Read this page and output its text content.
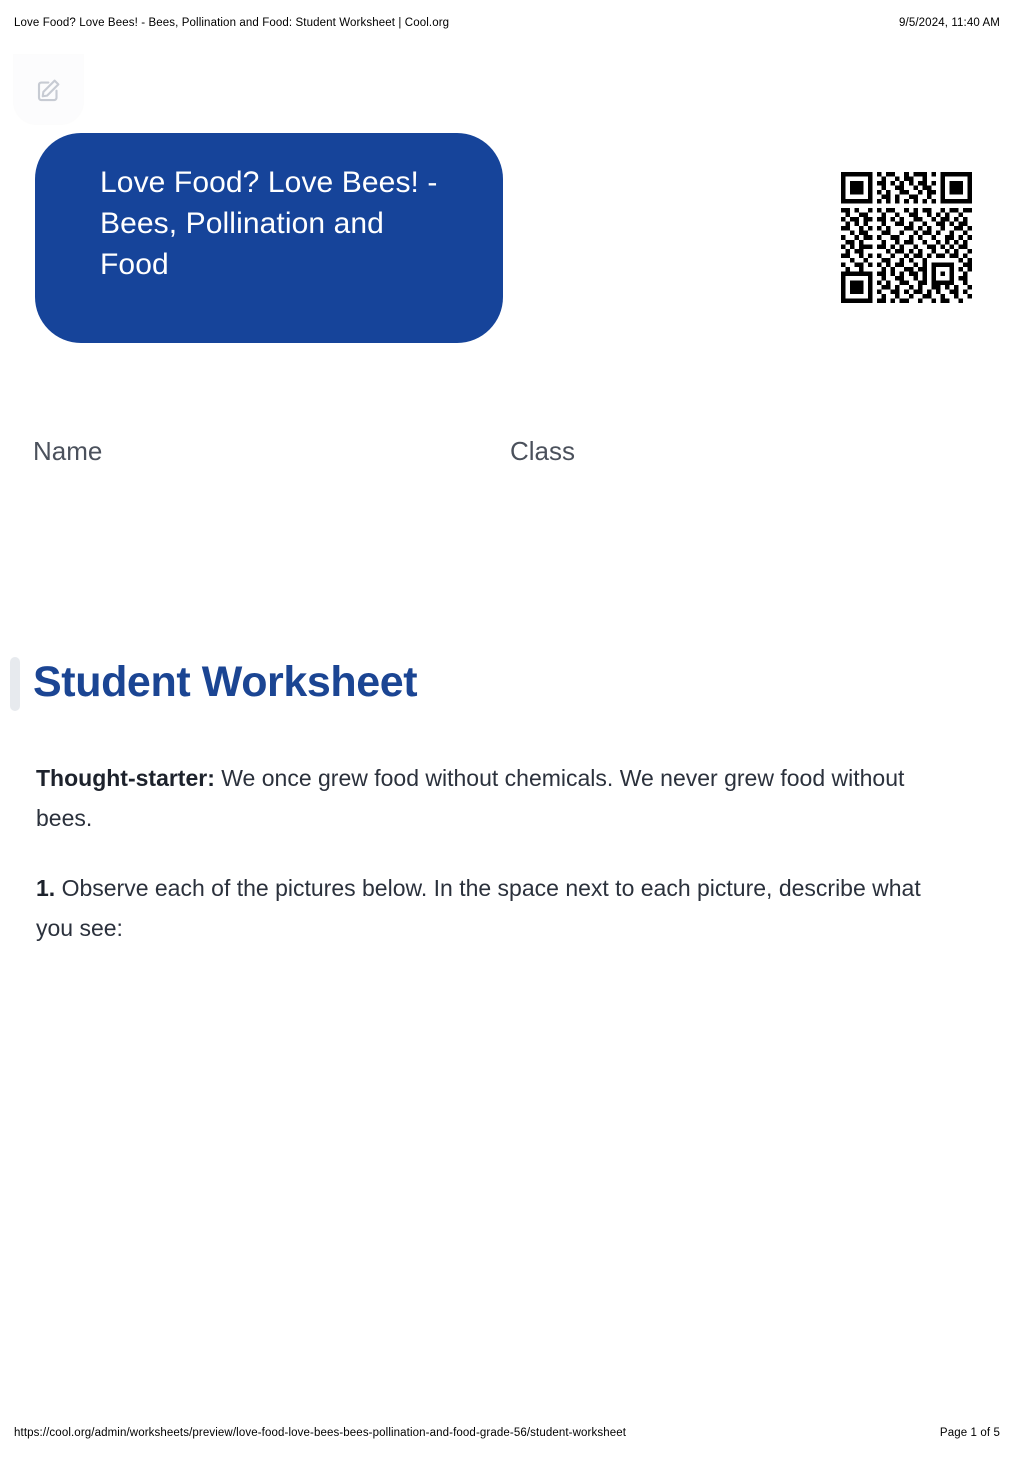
Love Food? Love Bees! - Bees, Pollination and Food: Student Worksheet | Cool.org	9/5/2024, 11:40 AM
Love Food? Love Bees! - Bees, Pollination and Food
Name	Class
Student Worksheet

Thought-starter: We once grew food without chemicals. We never grew food without bees.

1. Observe each of the pictures below. In the space next to each picture, describe what you see:

https://cool.org/admin/worksheets/preview/love-food-love-bees-bees-pollination-and-food-grade-56/student-worksheet	Page 1 of 5
